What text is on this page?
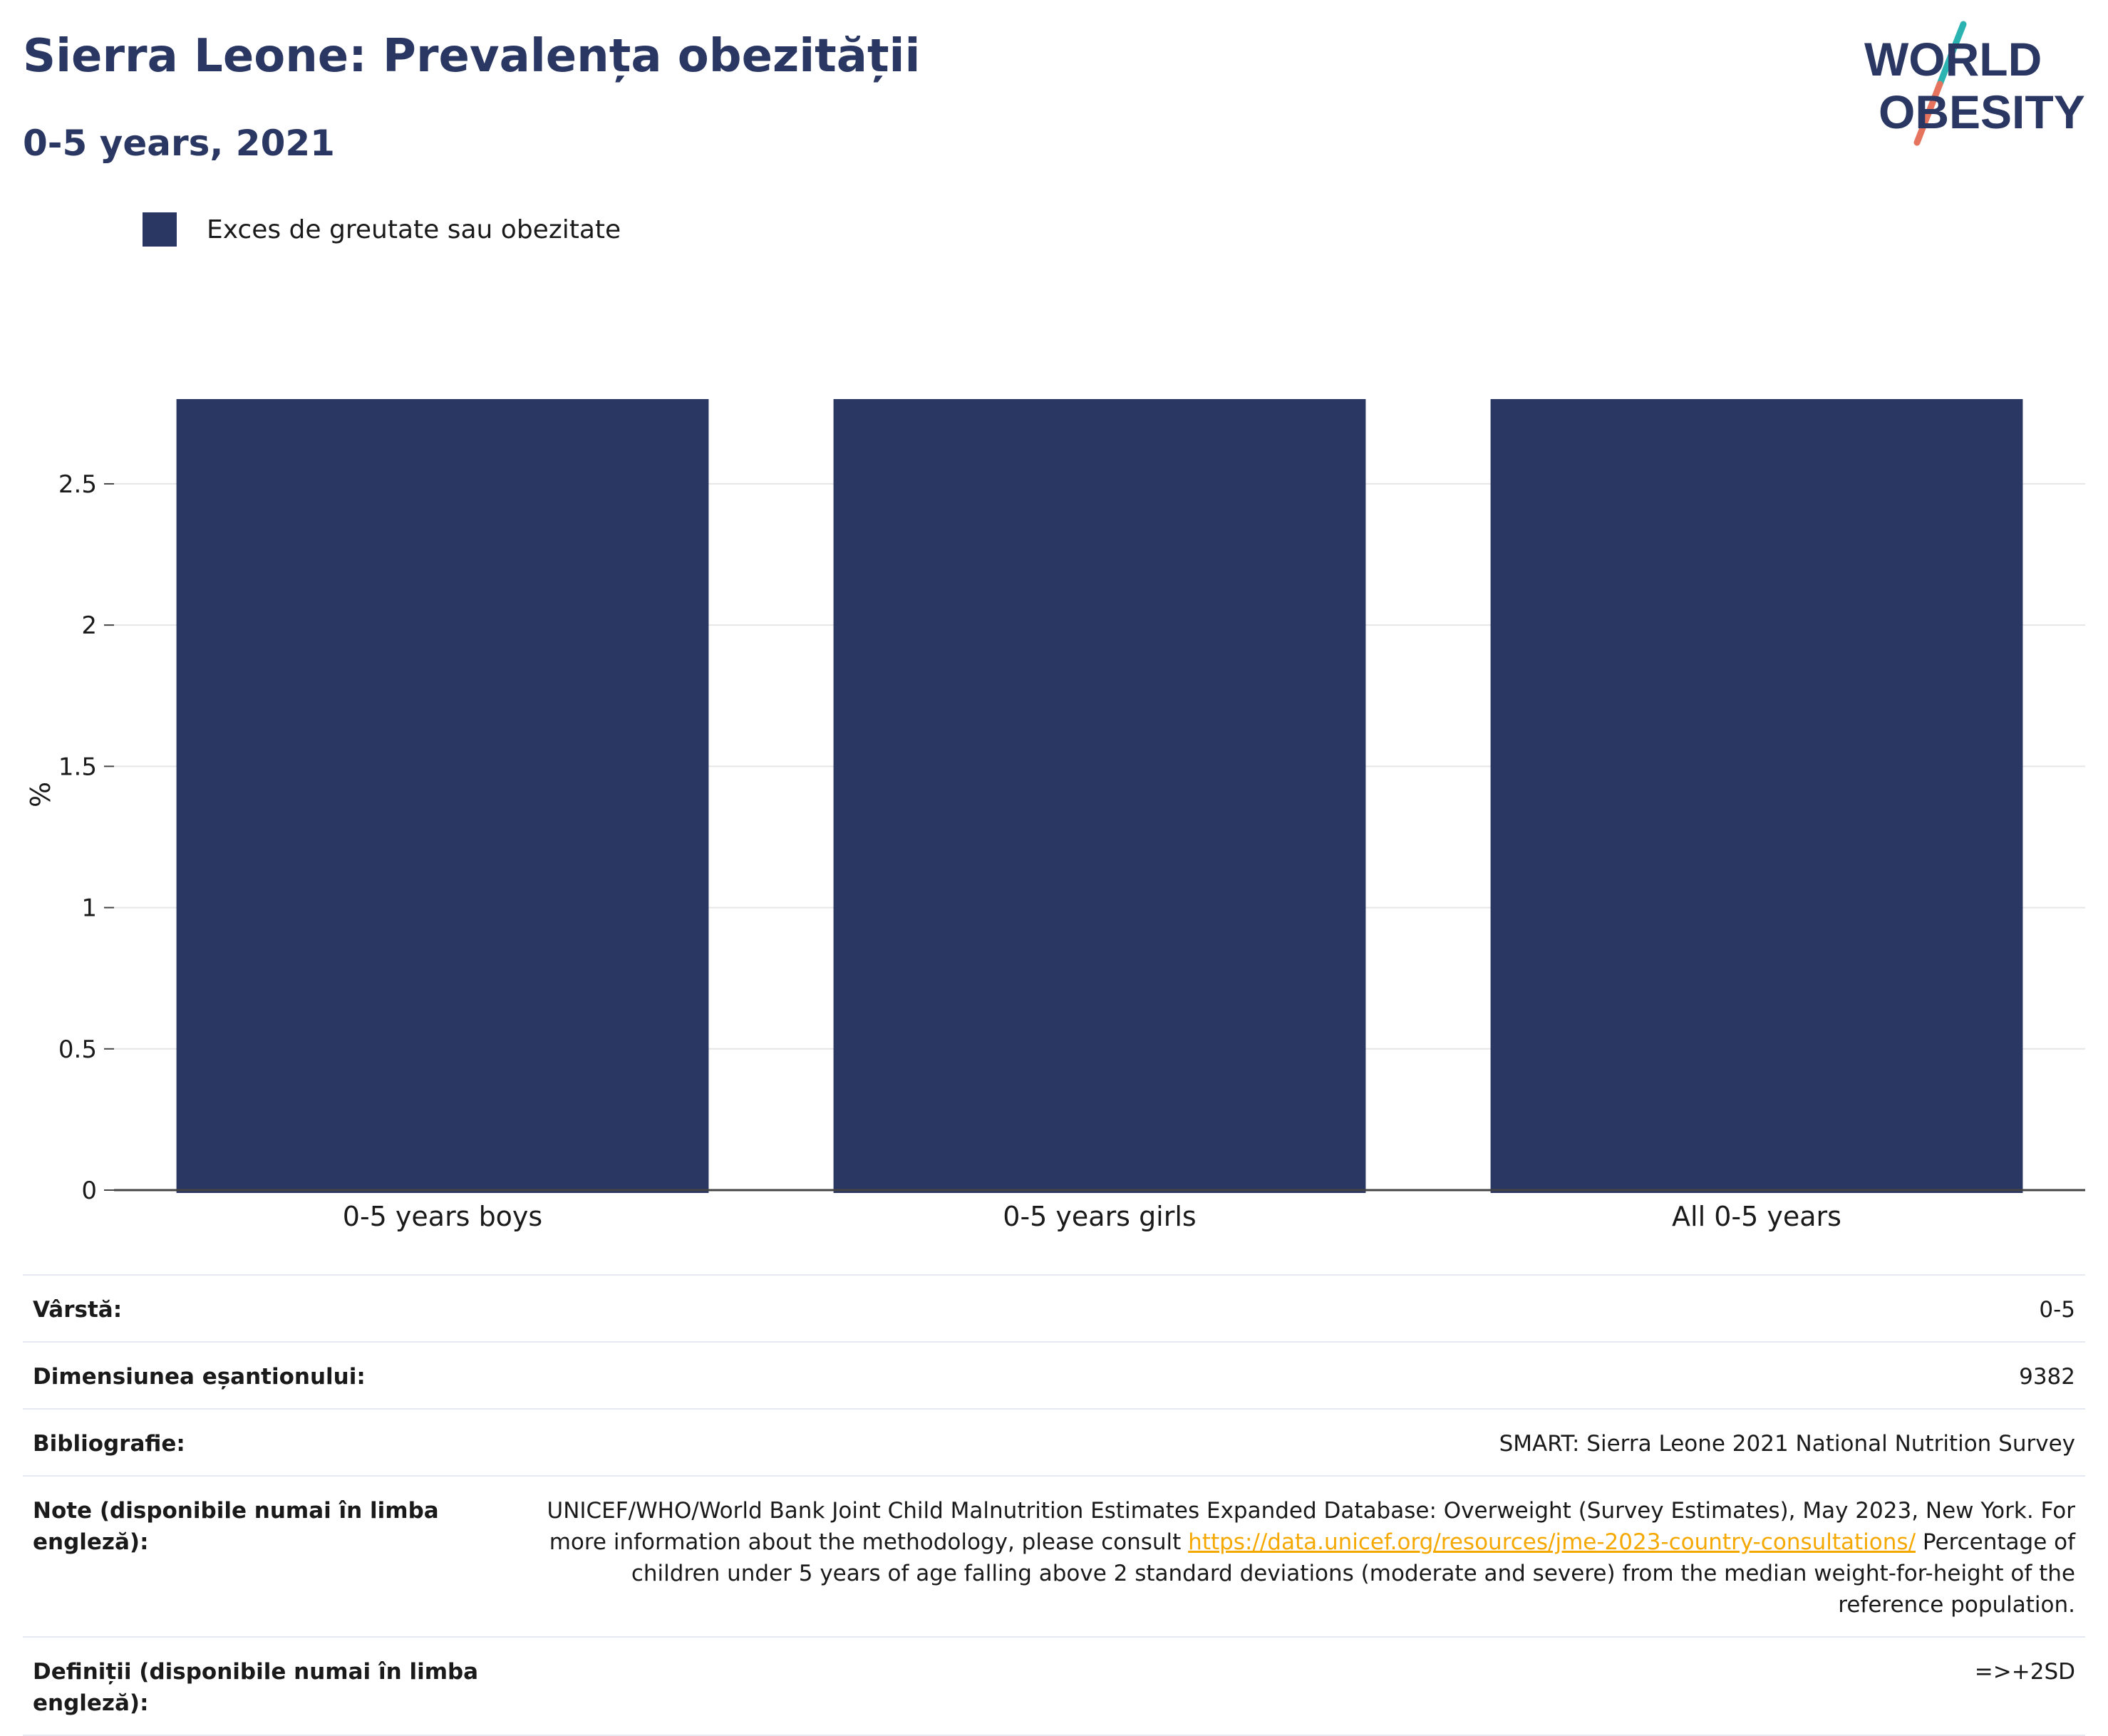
Sierra Leone: Prevalența obezității
0-5 years, 2021
WORLD
OBESITY
Exces de greutate sau obezitate
0
0.5
1
1.5
2
2.5
%
0-5 years boys	0-5 years girls	All 0-5 years
Vârstă:	0-5
Dimensiunea eșantionului:	9382
Bibliografie:	SMART: Sierra Leone 2021 National Nutrition Survey
Note (disponibile numai în limba engleză):
UNICEF/WHO/World Bank Joint Child Malnutrition Estimates Expanded Database: Overweight (Survey Estimates), May 2023, New York. For more information about the methodology, please consult https://data.unicef.org/resources/jme-2023-country-consultations/ Percentage of children under 5 years of age falling above 2 standard deviations (moderate and severe) from the median weight-for-height of the reference population.
Definiții (disponibile numai în limba engleză):
=>+2SD
